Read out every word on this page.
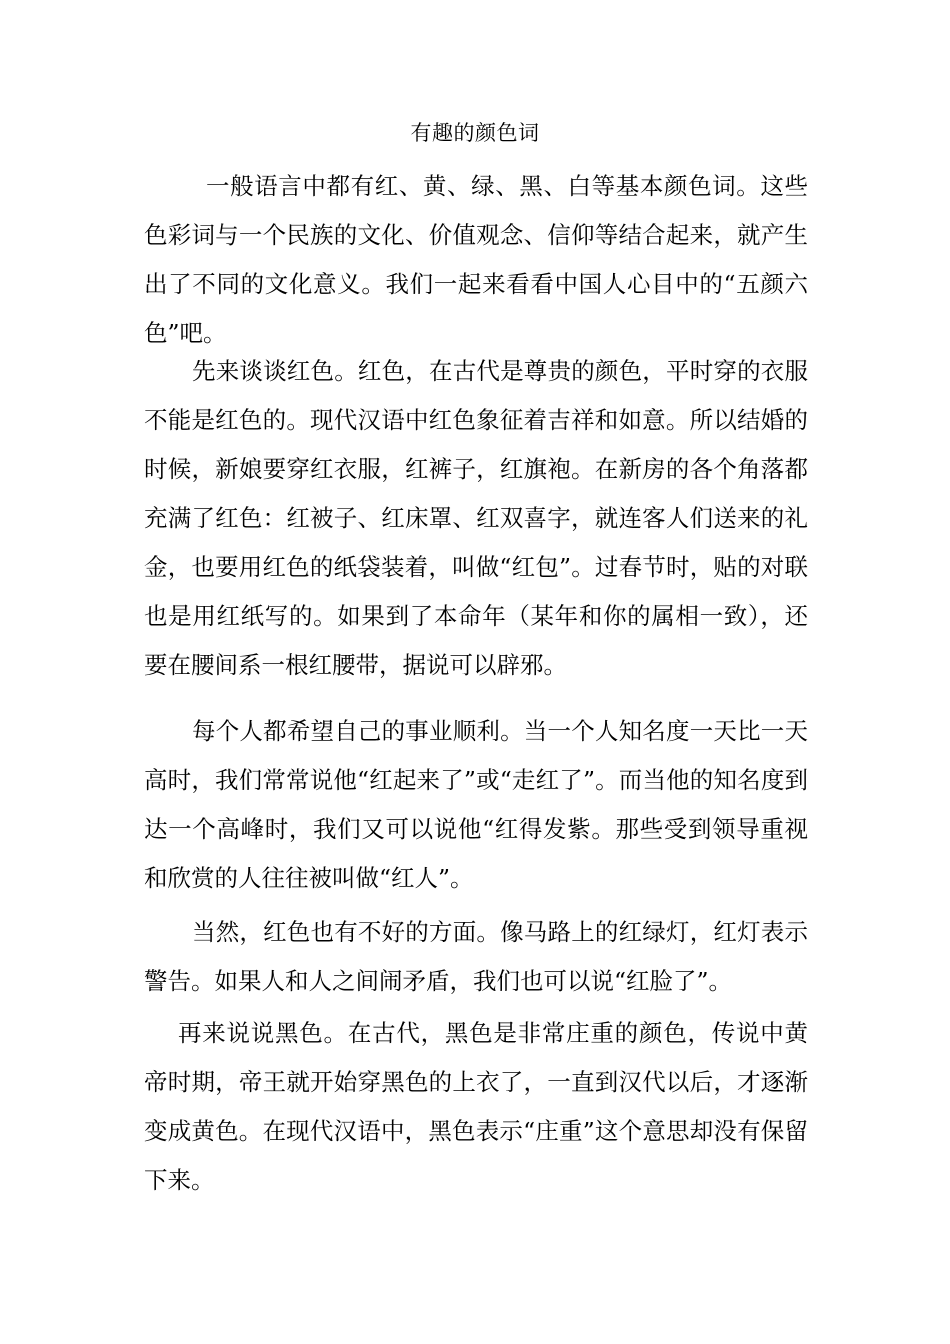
有趣的颜色词

一般语言中都有红、黄、绿、黑、白等基本颜色词。这些色彩词与一个民族的文化、价值观念、信仰等结合起来，就产生出了不同的文化意义。我们一起来看看中国人心目中的“五颜六色”吧。

先来谈谈红色。红色，在古代是尊贵的颜色，平时穿的衣服不能是红色的。现代汉语中红色象征着吉祥和如意。所以结婚的时候，新娘要穿红衣服，红裤子，红旗袍。在新房的各个角落都充满了红色：红被子、红床罩、红双喜字，就连客人们送来的礼金，也要用红色的纸袋装着，叫做“红包”。过春节时，贴的对联也是用红纸写的。如果到了本命年（某年和你的属相一致），还要在腰间系一根红腰带，据说可以辟邪。

每个人都希望自己的事业顺利。当一个人知名度一天比一天高时，我们常常说他“红起来了”或“走红了”。而当他的知名度到达一个高峰时，我们又可以说他“红得发紫。那些受到领导重视和欣赏的人往往被叫做“红人”。

当然，红色也有不好的方面。像马路上的红绿灯，红灯表示警告。如果人和人之间闹矛盾，我们也可以说“红脸了”。

再来说说黑色。在古代，黑色是非常庄重的颜色，传说中黄帝时期，帝王就开始穿黑色的上衣了，一直到汉代以后，才逐渐变成黄色。在现代汉语中，黑色表示“庄重”这个意思却没有保留下来。
